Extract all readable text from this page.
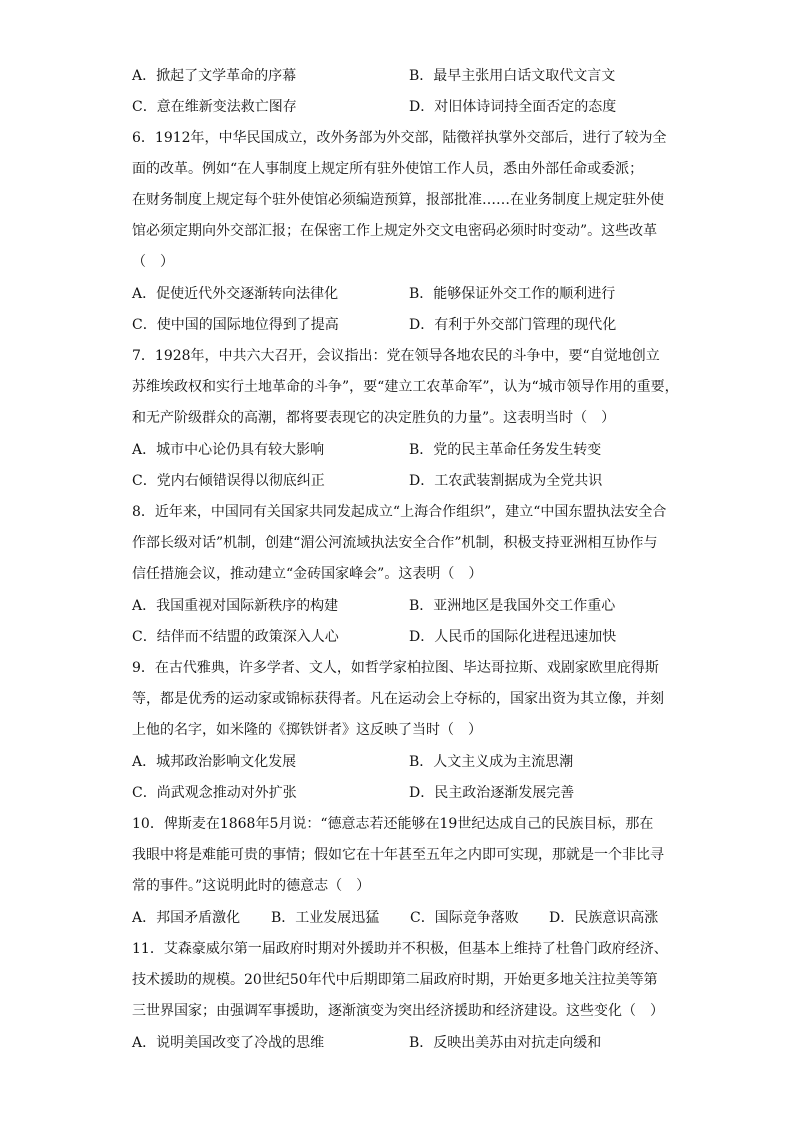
A．掀起了文学革命的序幕	B．最早主张用白话文取代文言文
C．意在维新变法救亡图存	D．对旧体诗词持全面否定的态度
6．1912年，中华民国成立，改外务部为外交部，陆徵祥执掌外交部后，进行了较为全
面的改革。例如“在人事制度上规定所有驻外使馆工作人员，悉由外部任命或委派；
在财务制度上规定每个驻外使馆必须编造预算，报部批准……在业务制度上规定驻外使
馆必须定期向外交部汇报；在保密工作上规定外交文电密码必须时时变动”。这些改革
（　）
A．促使近代外交逐渐转向法律化	B．能够保证外交工作的顺利进行
C．使中国的国际地位得到了提高	D．有利于外交部门管理的现代化
7．1928年，中共六大召开，会议指出：党在领导各地农民的斗争中，要“自觉地创立
苏维埃政权和实行土地革命的斗争”，要“建立工农革命军”，认为“城市领导作用的重要，
和无产阶级群众的高潮，都将要表现它的决定胜负的力量”。这表明当时（　）
A．城市中心论仍具有较大影响	B．党的民主革命任务发生转变
C．党内右倾错误得以彻底纠正	D．工农武装割据成为全党共识
8．近年来，中国同有关国家共同发起成立“上海合作组织”，建立“中国东盟执法安全合
作部长级对话”机制，创建“湄公河流域执法安全合作”机制，积极支持亚洲相互协作与
信任措施会议，推动建立“金砖国家峰会”。这表明（　）
A．我国重视对国际新秩序的构建	B．亚洲地区是我国外交工作重心
C．结伴而不结盟的政策深入人心	D．人民币的国际化进程迅速加快
9．在古代雅典，许多学者、文人，如哲学家柏拉图、毕达哥拉斯、戏剧家欧里庇得斯
等，都是优秀的运动家或锦标获得者。凡在运动会上夺标的，国家出资为其立像，并刻
上他的名字，如米隆的《掷铁饼者》这反映了当时（　）
A．城邦政治影响文化发展	B．人文主义成为主流思潮
C．尚武观念推动对外扩张	D．民主政治逐渐发展完善
10．俾斯麦在1868年5月说：“德意志若还能够在19世纪达成自己的民族目标，那在
我眼中将是难能可贵的事情；假如它在十年甚至五年之内即可实现，那就是一个非比寻
常的事件。”这说明此时的德意志（　）
A．邦国矛盾激化 B．工业发展迅猛 C．国际竞争落败 D．民族意识高涨
11．艾森豪威尔第一届政府时期对外援助并不积极，但基本上维持了杜鲁门政府经济、
技术援助的规模。20世纪50年代中后期即第二届政府时期，开始更多地关注拉美等第
三世界国家；由强调军事援助，逐渐演变为突出经济援助和经济建设。这些变化（　）
A．说明美国改变了冷战的思维	B．反映出美苏由对抗走向缓和
